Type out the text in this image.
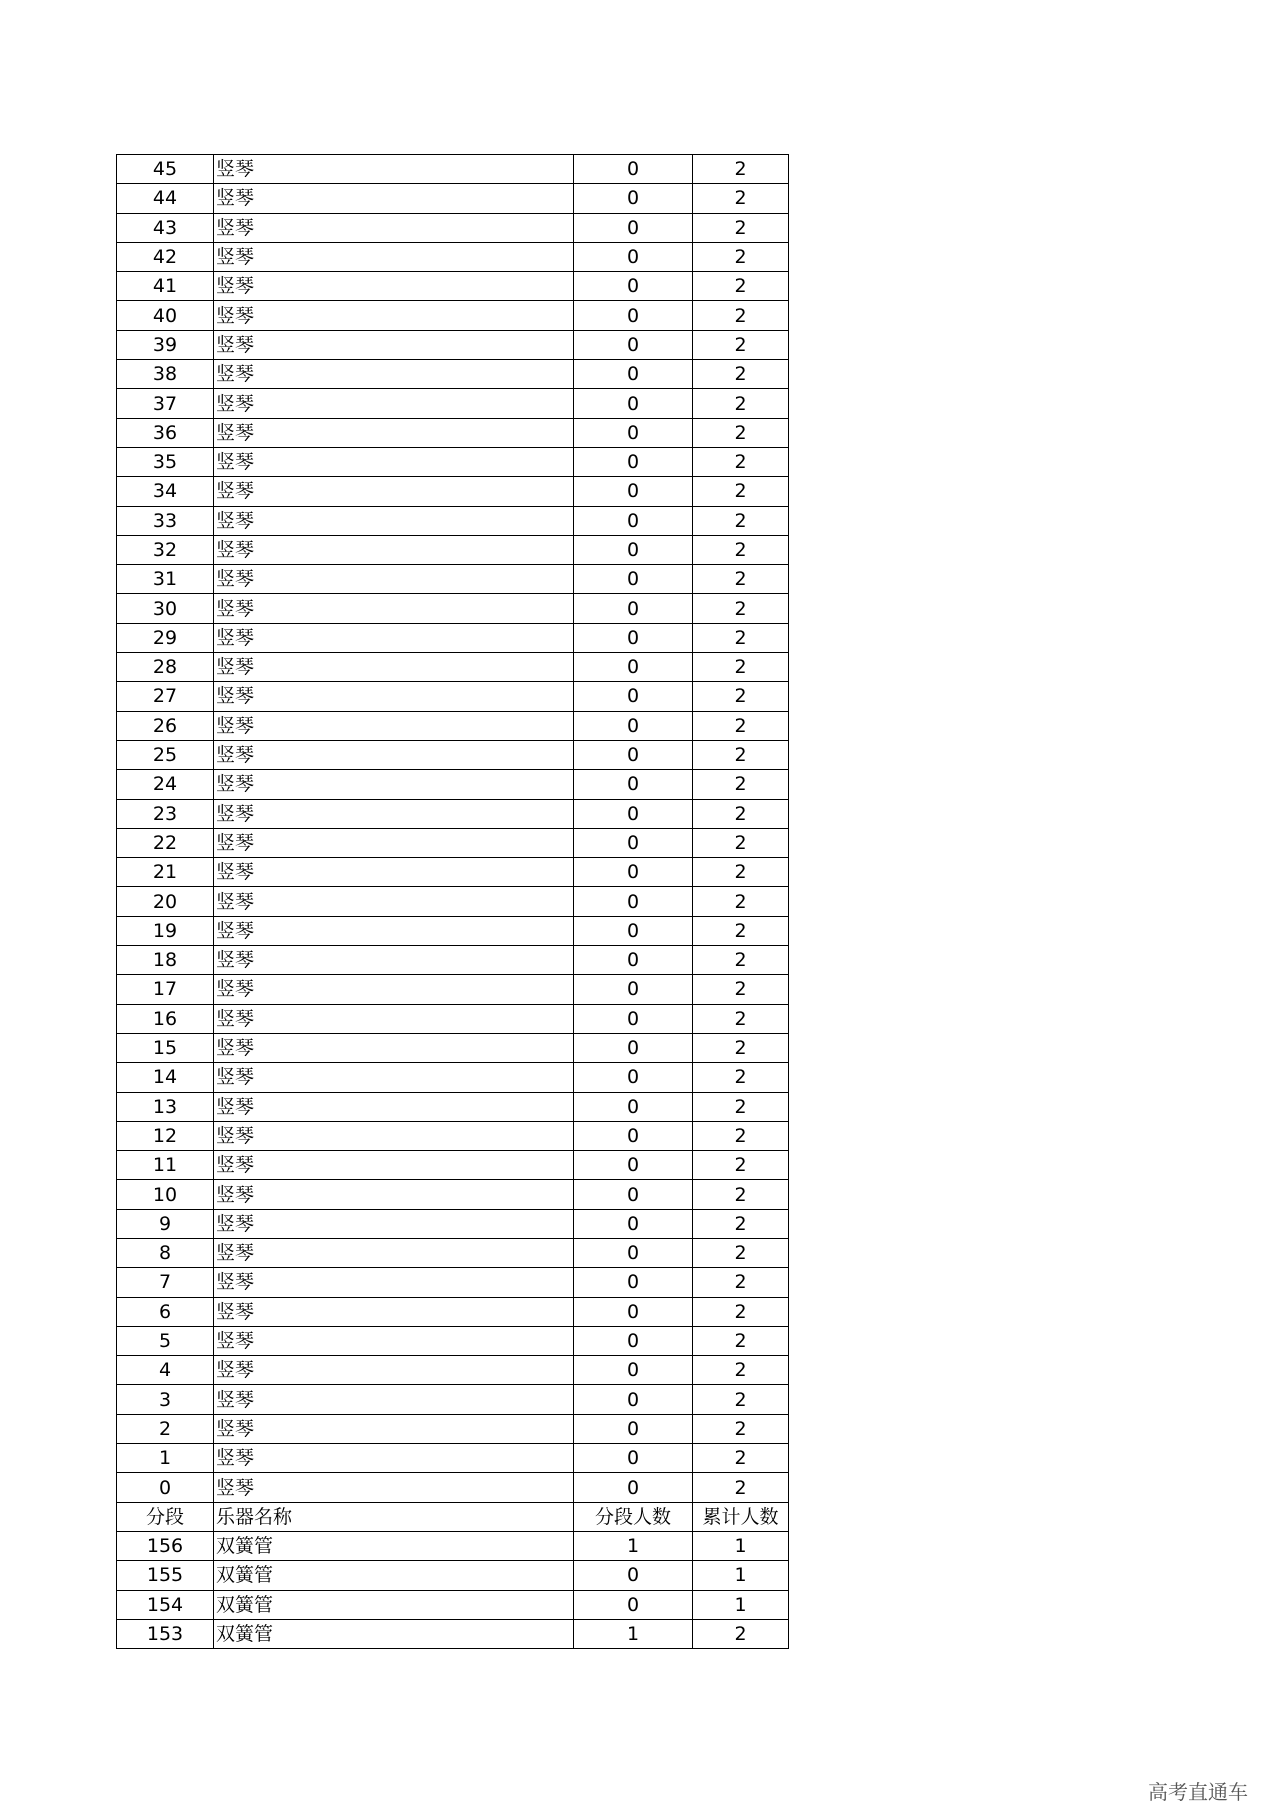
45	竖琴	0	2
44	竖琴	0	2
43	竖琴	0	2
42	竖琴	0	2
41	竖琴	0	2
40	竖琴	0	2
39	竖琴	0	2
38	竖琴	0	2
37	竖琴	0	2
36	竖琴	0	2
35	竖琴	0	2
34	竖琴	0	2
33	竖琴	0	2
32	竖琴	0	2
31	竖琴	0	2
30	竖琴	0	2
29	竖琴	0	2
28	竖琴	0	2
27	竖琴	0	2
26	竖琴	0	2
25	竖琴	0	2
24	竖琴	0	2
23	竖琴	0	2
22	竖琴	0	2
21	竖琴	0	2
20	竖琴	0	2
19	竖琴	0	2
18	竖琴	0	2
17	竖琴	0	2
16	竖琴	0	2
15	竖琴	0	2
14	竖琴	0	2
13	竖琴	0	2
12	竖琴	0	2
11	竖琴	0	2
10	竖琴	0	2
9	竖琴	0	2
8	竖琴	0	2
7	竖琴	0	2
6	竖琴	0	2
5	竖琴	0	2
4	竖琴	0	2
3	竖琴	0	2
2	竖琴	0	2
1	竖琴	0	2
0	竖琴	0	2
分段	乐器名称	分段人数	累计人数
156	双簧管	1	1
155	双簧管	0	1
154	双簧管	0	1
153	双簧管	1	2
高考直通车
